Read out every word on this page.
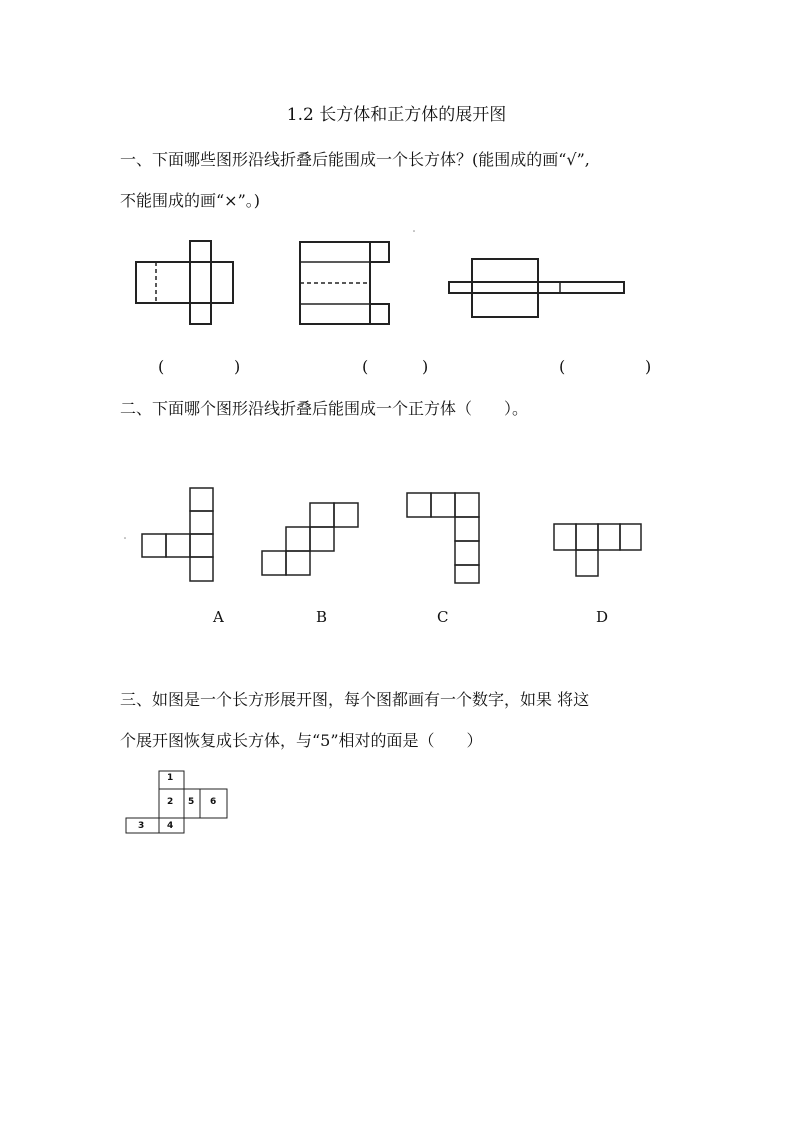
1.2 长方体和正方体的展开图
一、下面哪些图形沿线折叠后能围成一个长方体？(能围成的画“√”,
不能围成的画“×”。)
(	)	(	)	(	)
二、下面哪个图形沿线折叠后能围成一个正方体（　　）。
A	B	C	D
三、如图是一个长方形展开图，每个图都画有一个数字，如果 将这
个展开图恢复成长方体，与“5”相对的面是（　　）
1
2 5 6
3	4
